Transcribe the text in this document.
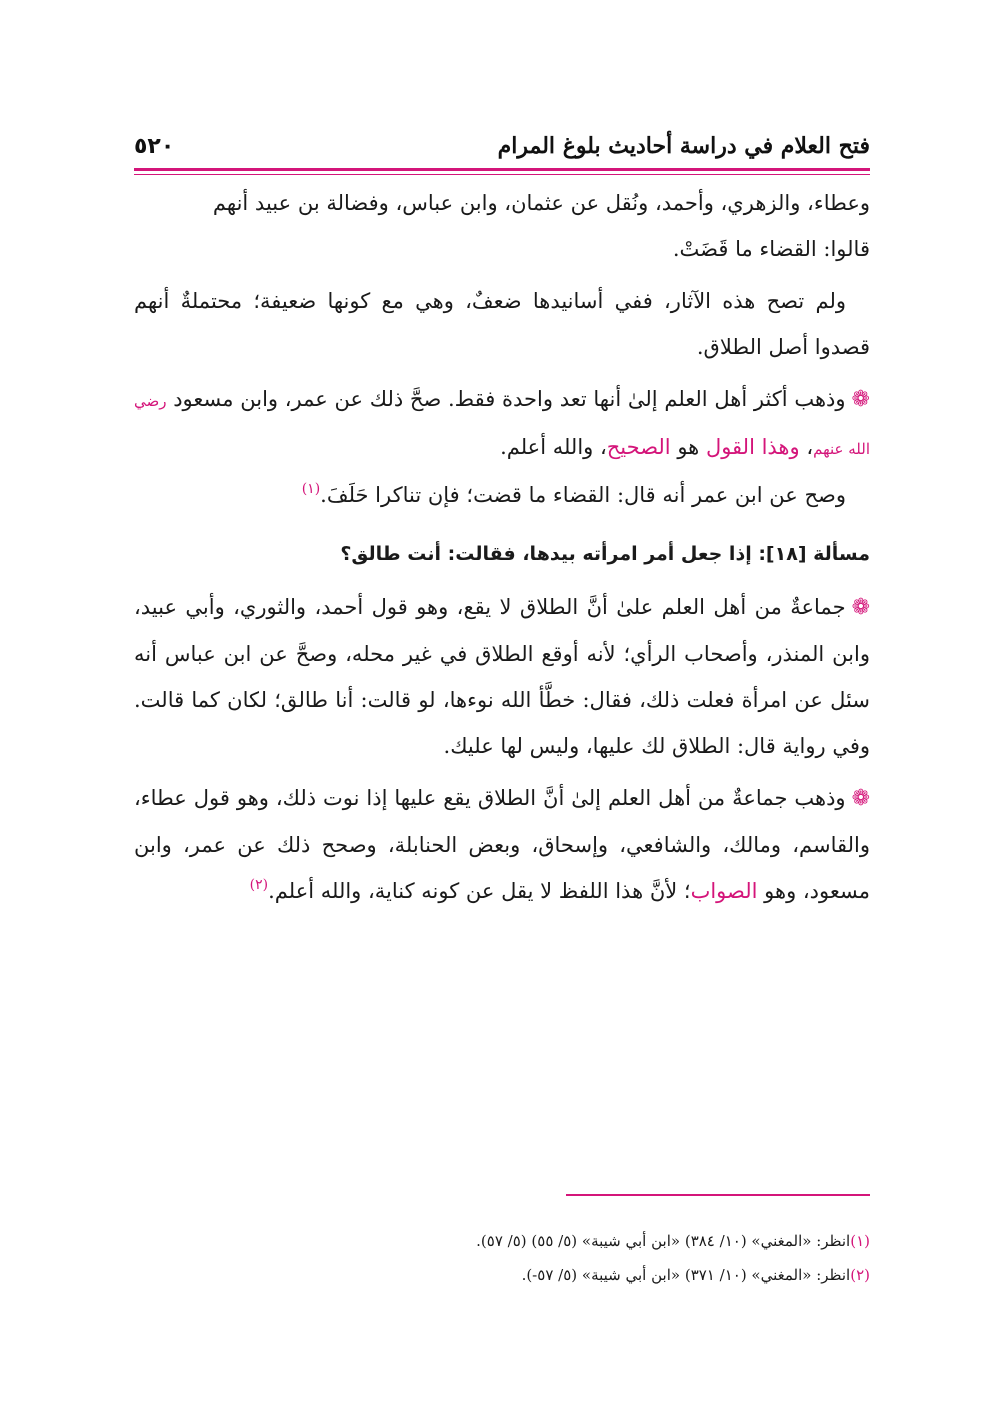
فتح العلام في دراسة أحاديث بلوغ المرام
٥٢٠

وعطاء، والزهري، وأحمد، ونُقل عن عثمان، وابن عباس، وفضالة بن عبيد أنهم

قالوا: القضاء ما قَضَتْ.

ولم تصح هذه الآثار، ففي أسانيدها ضعفٌ، وهي مع كونها ضعيفة؛ محتملةٌ أنهم قصدوا أصل الطلاق.

❁وذهب أكثر أهل العلم إلىٰ أنها تعد واحدة فقط. صحَّ ذلك عن عمر، وابن مسعود رضي الله عنهم، وهذا القول هو الصحيح، والله أعلم.

وصح عن ابن عمر أنه قال: القضاء ما قضت؛ فإن تناكرا حَلَفَ.$^{(١)}$

مسألة [١٨]: إذا جعل أمر امرأته بيدها، فقالت: أنت طالق؟

❁جماعةٌ من أهل العلم علىٰ أنَّ الطلاق لا يقع، وهو قول أحمد، والثوري، وأبي عبيد، وابن المنذر، وأصحاب الرأي؛ لأنه أوقع الطلاق في غير محله، وصحَّ عن ابن عباس أنه سئل عن امرأة فعلت ذلك، فقال: خطَّأ الله نوءها، لو قالت: أنا طالق؛ لكان كما قالت. وفي رواية قال: الطلاق لك عليها، وليس لها عليك.

❁وذهب جماعةٌ من أهل العلم إلىٰ أنَّ الطلاق يقع عليها إذا نوت ذلك، وهو قول عطاء، والقاسم، ومالك، والشافعي، وإسحاق، وبعض الحنابلة، وصحح ذلك عن عمر، وابن مسعود، وهو الصواب؛ لأنَّ هذا اللفظ لا يقل عن كونه كناية، والله أعلم.$^{(٢)}$

(١)انظر: «المغني» (١٠/ ٣٨٤) «ابن أبي شيبة» (٥/ ٥٥) (٥/ ٥٧).
(٢)انظر: «المغني» (١٠/ ٣٧١) «ابن أبي شيبة» (٥/ ٥٧-).
